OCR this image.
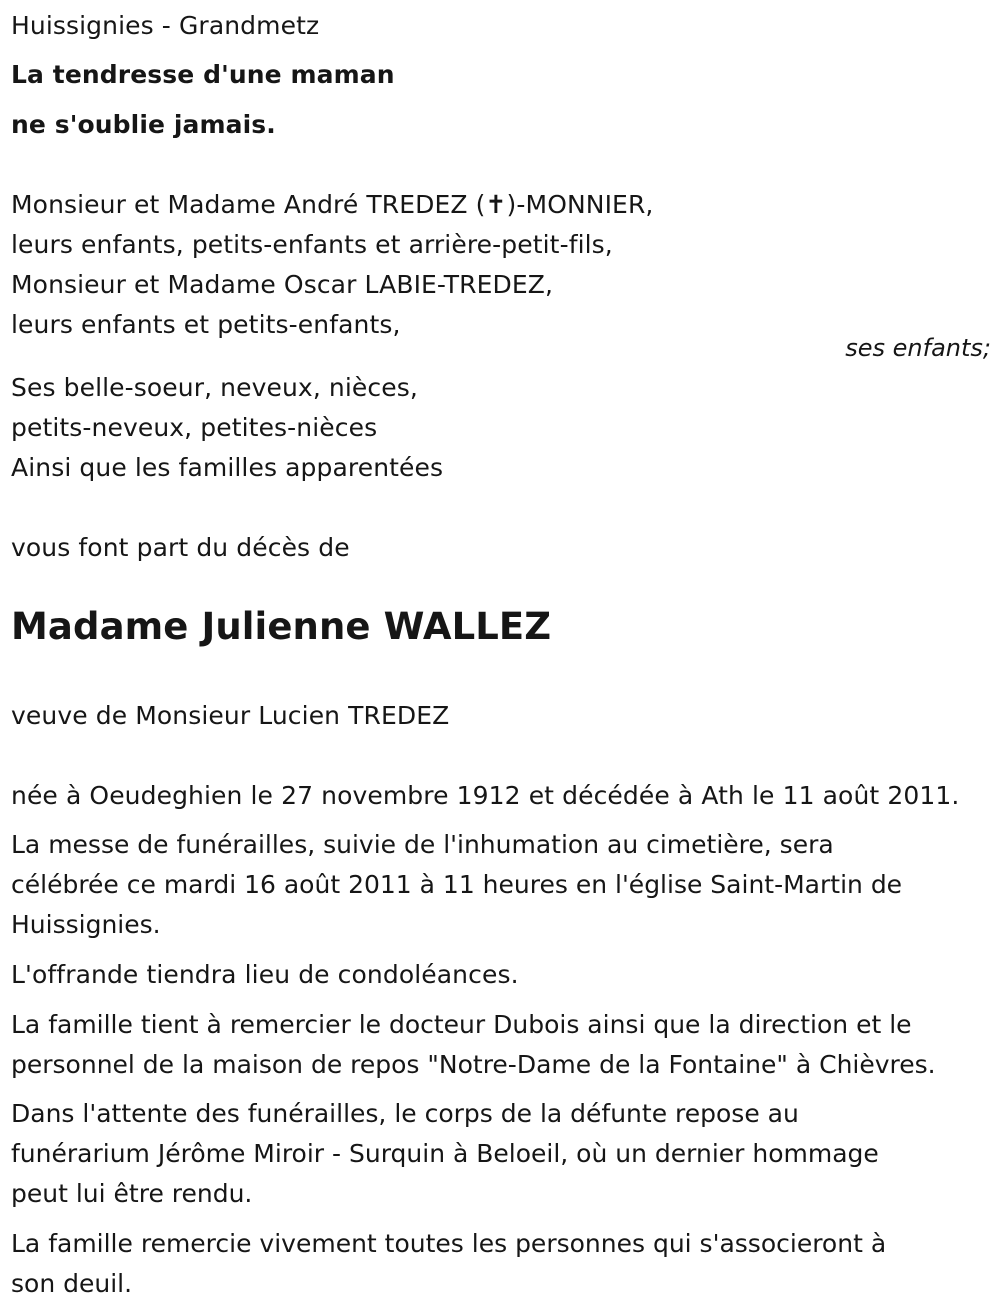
Huissignies - Grandmetz
La tendresse d'une maman
ne s'oublie jamais.
Monsieur et Madame André TREDEZ (✝)-MONNIER,
leurs enfants, petits-enfants et arrière-petit-fils,
Monsieur et Madame Oscar LABIE-TREDEZ,
leurs enfants et petits-enfants,
Ses belle-soeur, neveux, nièces,
petits-neveux, petites-nièces
Ainsi que les familles apparentées
vous font part du décès de
Madame Julienne WALLEZ
veuve de Monsieur Lucien TREDEZ
née à Oeudeghien le 27 novembre 1912 et décédée à Ath le 11 août 2011.
La messe de funérailles, suivie de l'inhumation au cimetière, sera
célébrée ce mardi 16 août 2011 à 11 heures en l'église Saint-Martin de
Huissignies.
L'offrande tiendra lieu de condoléances.
La famille tient à remercier le docteur Dubois ainsi que la direction et le
personnel de la maison de repos "Notre-Dame de la Fontaine" à Chièvres.
Dans l'attente des funérailles, le corps de la défunte repose au
funérarium Jérôme Miroir - Surquin à Beloeil, où un dernier hommage
peut lui être rendu.
La famille remercie vivement toutes les personnes qui s'associeront à
son deuil.
ses enfants;
